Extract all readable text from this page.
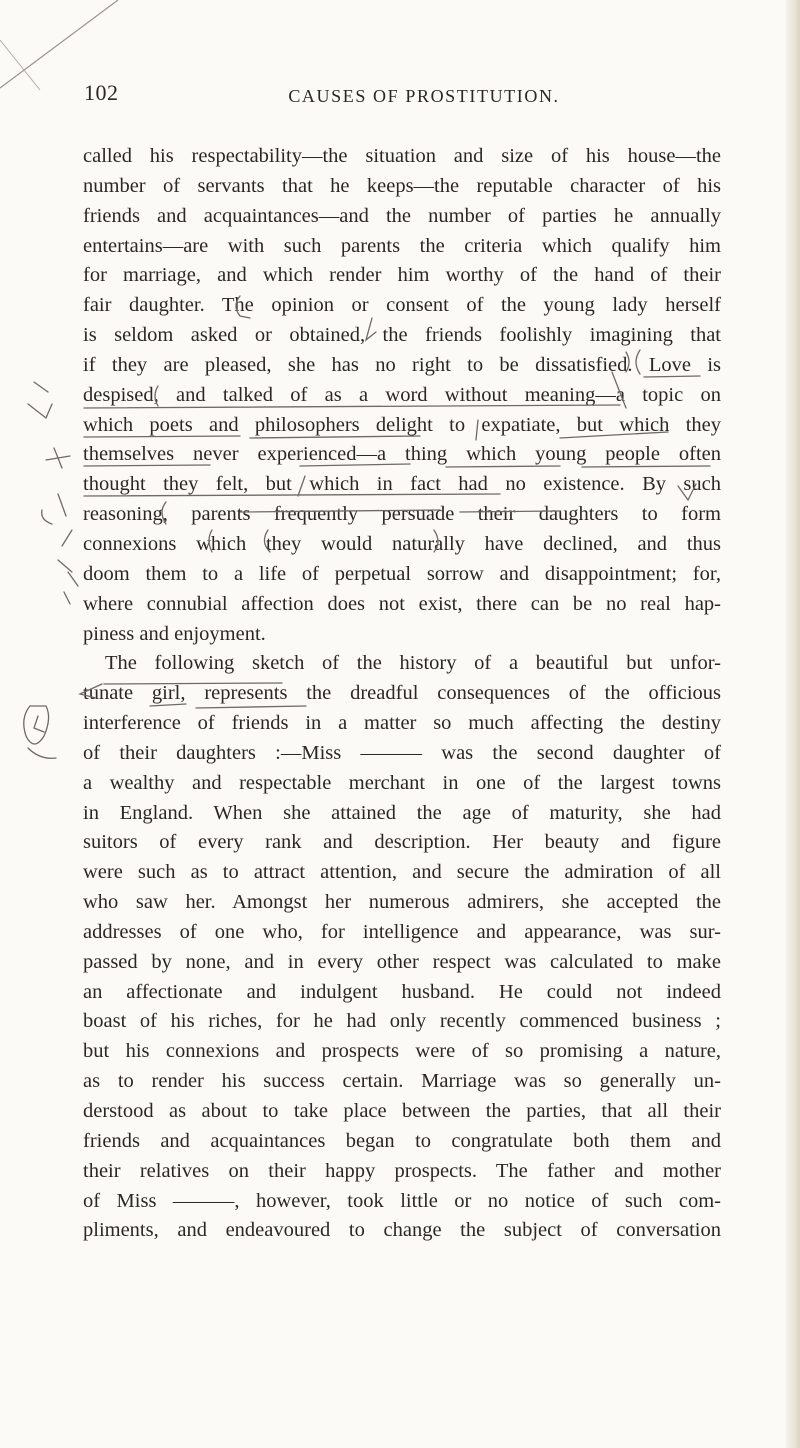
102	CAUSES OF PROSTITUTION.
called his respectability—the situation and size of his house—the
number of servants that he keeps—the reputable character of his
friends and acquaintances—and the number of parties he annually
entertains—are with such parents the criteria which qualify him
for marriage, and which render him worthy of the hand of their
fair daughter. The opinion or consent of the young lady herself
is seldom asked or obtained, the friends foolishly imagining that
if they are pleased, she has no right to be dissatisfied. Love is
despised, and talked of as a word without meaning—a topic on
which poets and philosophers delight to expatiate, but which they
themselves never experienced—a thing which young people often
thought they felt, but which in fact had no existence. By such
reasoning, parents frequently persuade their daughters to form
connexions which they would naturally have declined, and thus
doom them to a life of perpetual sorrow and disappointment; for,
where connubial affection does not exist, there can be no real hap-
piness and enjoyment.
The following sketch of the history of a beautiful but unfor-
tunate girl, represents the dreadful consequences of the officious
interference of friends in a matter so much affecting the destiny
of their daughters :—Miss ——— was the second daughter of
a wealthy and respectable merchant in one of the largest towns
in England. When she attained the age of maturity, she had
suitors of every rank and description. Her beauty and figure
were such as to attract attention, and secure the admiration of all
who saw her. Amongst her numerous admirers, she accepted the
addresses of one who, for intelligence and appearance, was sur-
passed by none, and in every other respect was calculated to make
an affectionate and indulgent husband. He could not indeed
boast of his riches, for he had only recently commenced business ;
but his connexions and prospects were of so promising a nature,
as to render his success certain. Marriage was so generally un-
derstood as about to take place between the parties, that all their
friends and acquaintances began to congratulate both them and
their relatives on their happy prospects. The father and mother
of Miss ———, however, took little or no notice of such com-
pliments, and endeavoured to change the subject of conversation
